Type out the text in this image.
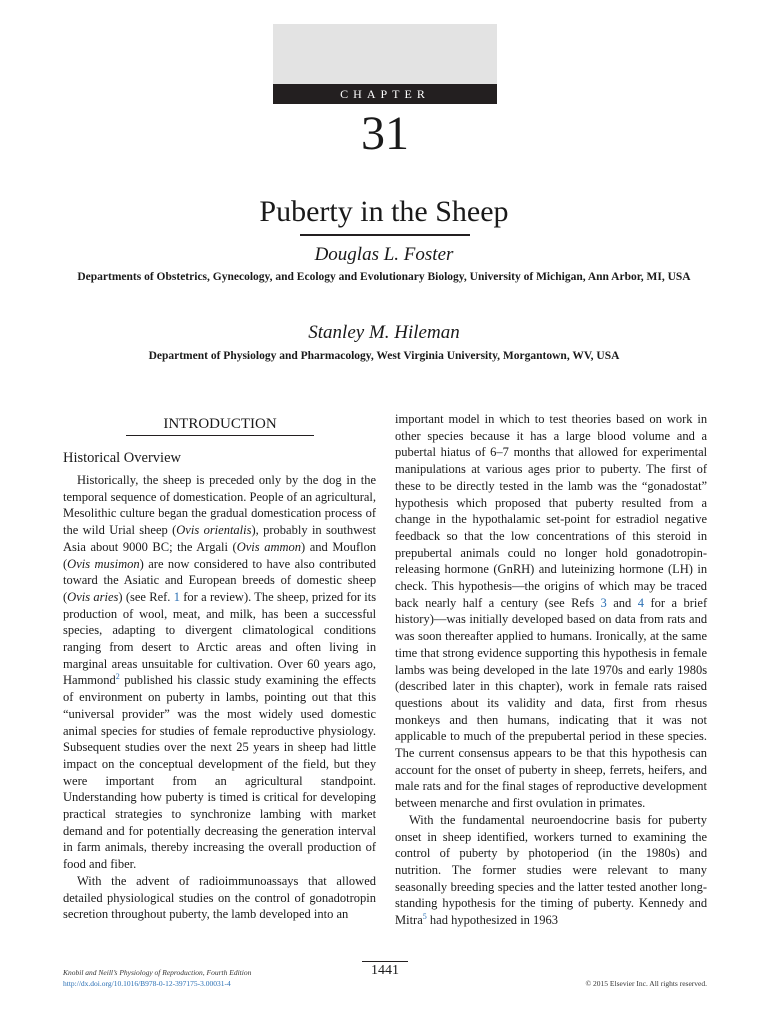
CHAPTER
31
Puberty in the Sheep
Douglas L. Foster
Departments of Obstetrics, Gynecology, and Ecology and Evolutionary Biology, University of Michigan, Ann Arbor, MI, USA
Stanley M. Hileman
Department of Physiology and Pharmacology, West Virginia University, Morgantown, WV, USA
INTRODUCTION
Historical Overview

Historically, the sheep is preceded only by the dog in the temporal sequence of domestication. People of an agricultural, Mesolithic culture began the gradual domestication process of the wild Urial sheep (Ovis orientalis), probably in southwest Asia about 9000 BC; the Argali (Ovis ammon) and Mouflon (Ovis musimon) are now considered to have also contributed toward the Asiatic and European breeds of domestic sheep (Ovis aries) (see Ref. 1 for a review). The sheep, prized for its production of wool, meat, and milk, has been a successful species, adapting to divergent climatological conditions ranging from desert to Arctic areas and often living in marginal areas unsuitable for cultivation. Over 60 years ago, Hammond$^2$ published his classic study examining the effects of environment on puberty in lambs, pointing out that this “universal provider” was the most widely used domestic animal species for studies of female reproductive physiology. Subsequent studies over the next 25 years in sheep had little impact on the conceptual development of the field, but they were important from an agricultural standpoint. Understanding how puberty is timed is critical for developing practical strategies to synchronize lambing with market demand and for potentially decreasing the generation interval in farm animals, thereby increasing the overall production of food and fiber.

With the advent of radioimmunoassays that allowed detailed physiological studies on the control of gonadotropin secretion throughout puberty, the lamb developed into an

important model in which to test theories based on work in other species because it has a large blood volume and a pubertal hiatus of 6–7 months that allowed for experimental manipulations at various ages prior to puberty. The first of these to be directly tested in the lamb was the “gonadostat” hypothesis which proposed that puberty resulted from a change in the hypothalamic set-point for estradiol negative feedback so that the low concentrations of this steroid in prepubertal animals could no longer hold gonadotropin-releasing hormone (GnRH) and luteinizing hormone (LH) in check. This hypothesis—the origins of which may be traced back nearly half a century (see Refs 3 and 4 for a brief history)—was initially developed based on data from rats and was soon thereafter applied to humans. Ironically, at the same time that strong evidence supporting this hypothesis in female lambs was being developed in the late 1970s and early 1980s (described later in this chapter), work in female rats raised questions about its validity and data, first from rhesus monkeys and then humans, indicating that it was not applicable to much of the prepubertal period in these species. The current consensus appears to be that this hypothesis can account for the onset of puberty in sheep, ferrets, heifers, and male rats and for the final stages of reproductive development between menarche and first ovulation in primates.

With the fundamental neuroendocrine basis for puberty onset in sheep identified, workers turned to examining the control of puberty by photoperiod (in the 1980s) and nutrition. The former studies were relevant to many seasonally breeding species and the latter tested another long-standing hypothesis for the timing of puberty. Kennedy and Mitra$^5$ had hypothesized in 1963

1441
Knobil and Neill’s Physiology of Reproduction, Fourth Edition
http://dx.doi.org/10.1016/B978-0-12-397175-3.00031-4	© 2015 Elsevier Inc. All rights reserved.
